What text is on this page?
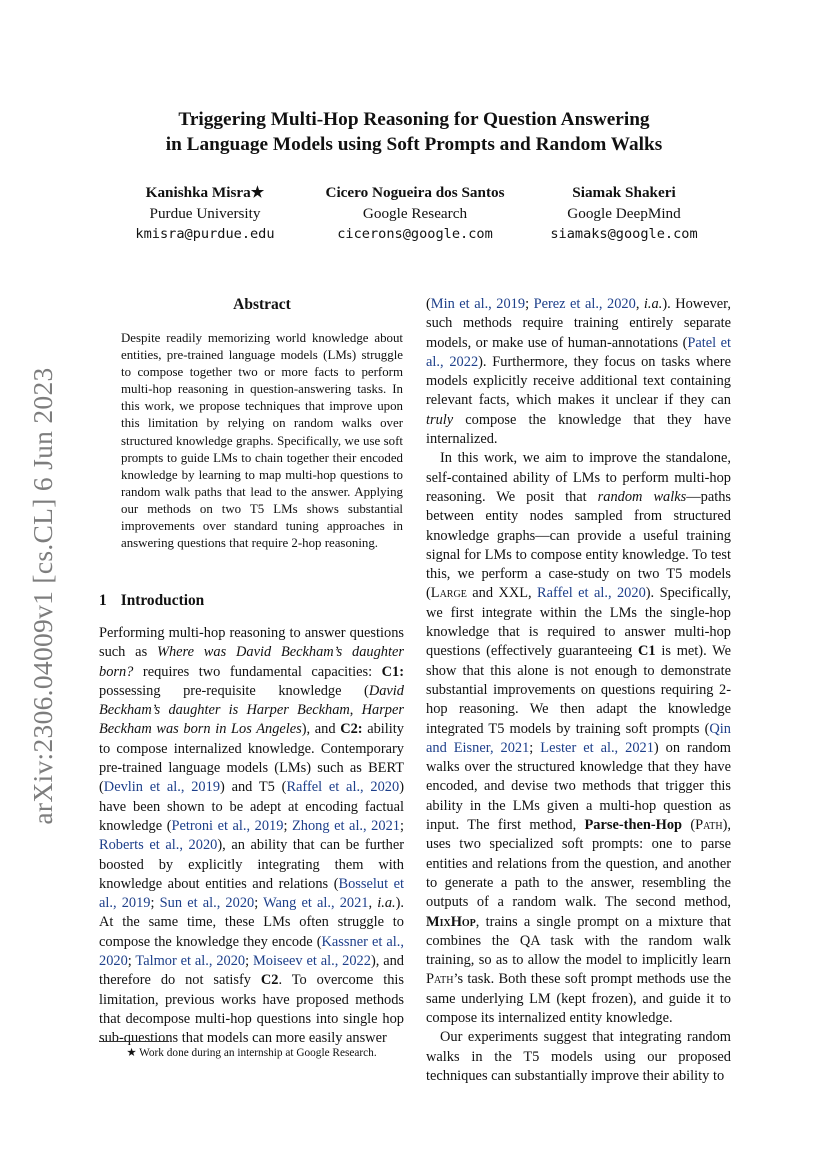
arXiv:2306.04009v1 [cs.CL] 6 Jun 2023
Triggering Multi-Hop Reasoning for Question Answering
in Language Models using Soft Prompts and Random Walks
Kanishka Misra★
Purdue University
kmisra@purdue.edu
Cicero Nogueira dos Santos
Google Research
cicerons@google.com
Siamak Shakeri
Google DeepMind
siamaks@google.com
Abstract

Despite readily memorizing world knowledge about entities, pre-trained language models (LMs) struggle to compose together two or more facts to perform multi-hop reasoning in question-answering tasks. In this work, we propose techniques that improve upon this limitation by relying on random walks over structured knowledge graphs. Specifically, we use soft prompts to guide LMs to chain together their encoded knowledge by learning to map multi-hop questions to random walk paths that lead to the answer. Applying our methods on two T5 LMs shows substantial improvements over standard tuning approaches in answering questions that require 2-hop reasoning.

1 Introduction

Performing multi-hop reasoning to answer questions such as Where was David Beckham’s daughter born? requires two fundamental capacities: C1: possessing pre-requisite knowledge (David Beckham’s daughter is Harper Beckham, Harper Beckham was born in Los Angeles), and C2: ability to compose internalized knowledge. Contemporary pre-trained language models (LMs) such as BERT (Devlin et al., 2019) and T5 (Raffel et al., 2020) have been shown to be adept at encoding factual knowledge (Petroni et al., 2019; Zhong et al., 2021; Roberts et al., 2020), an ability that can be further boosted by explicitly integrating them with knowledge about entities and relations (Bosselut et al., 2019; Sun et al., 2020; Wang et al., 2021, i.a.). At the same time, these LMs often struggle to compose the knowledge they encode (Kassner et al., 2020; Talmor et al., 2020; Moiseev et al., 2022), and therefore do not satisfy C2. To overcome this limitation, previous works have proposed methods that decompose multi-hop questions into single hop sub-questions that models can more easily answer

★ Work done during an internship at Google Research.

(Min et al., 2019; Perez et al., 2020, i.a.). However, such methods require training entirely separate models, or make use of human-annotations (Patel et al., 2022). Furthermore, they focus on tasks where models explicitly receive additional text containing relevant facts, which makes it unclear if they can truly compose the knowledge that they have internalized.

In this work, we aim to improve the standalone, self-contained ability of LMs to perform multi-hop reasoning. We posit that random walks—paths between entity nodes sampled from structured knowledge graphs—can provide a useful training signal for LMs to compose entity knowledge. To test this, we perform a case-study on two T5 models (Large and XXL, Raffel et al., 2020). Specifically, we first integrate within the LMs the single-hop knowledge that is required to answer multi-hop questions (effectively guaranteeing C1 is met). We show that this alone is not enough to demonstrate substantial improvements on questions requiring 2-hop reasoning. We then adapt the knowledge integrated T5 models by training soft prompts (Qin and Eisner, 2021; Lester et al., 2021) on random walks over the structured knowledge that they have encoded, and devise two methods that trigger this ability in the LMs given a multi-hop question as input. The first method, Parse-then-Hop (Path), uses two specialized soft prompts: one to parse entities and relations from the question, and another to generate a path to the answer, resembling the outputs of a random walk. The second method, MixHop, trains a single prompt on a mixture that combines the QA task with the random walk training, so as to allow the model to implicitly learn Path’s task. Both these soft prompt methods use the same underlying LM (kept frozen), and guide it to compose its internalized entity knowledge.

Our experiments suggest that integrating random walks in the T5 models using our proposed techniques can substantially improve their ability to
